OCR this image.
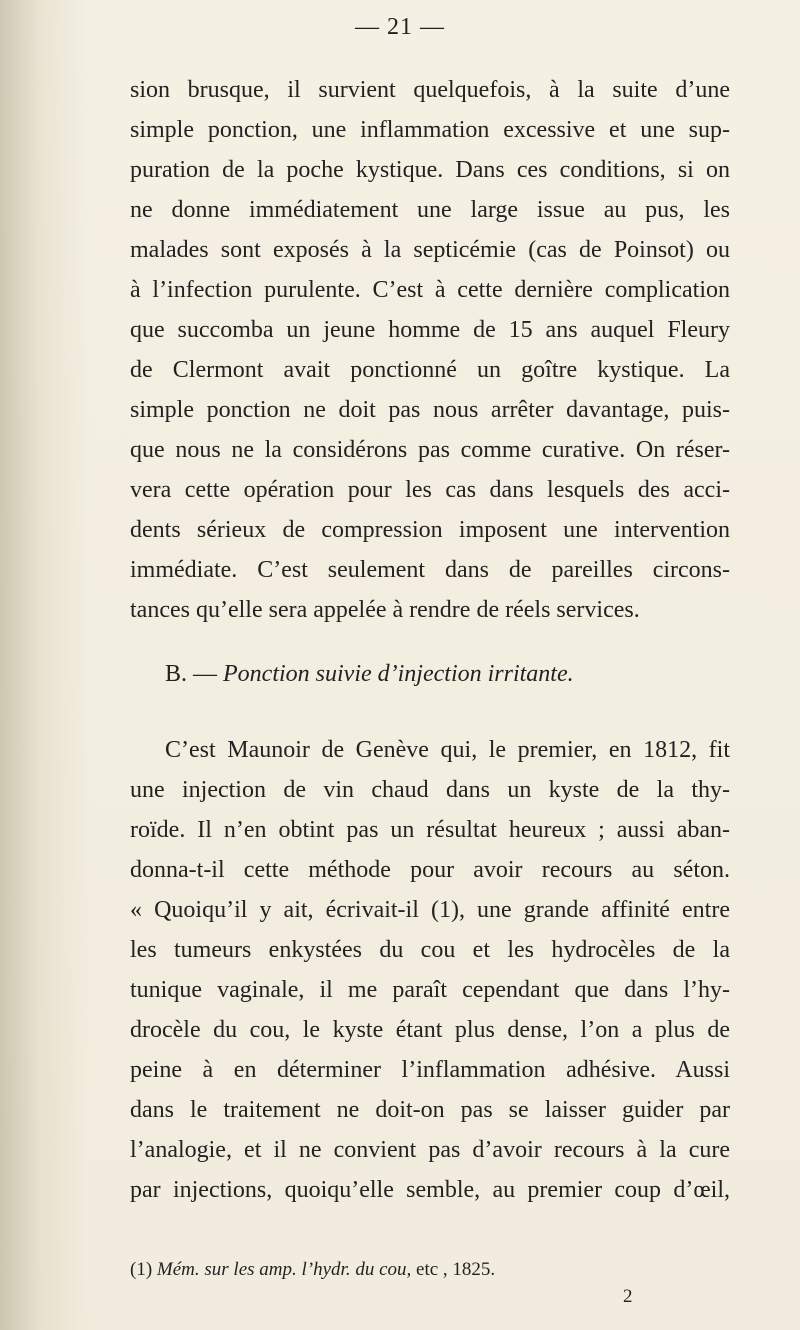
— 21 —
sion brusque, il survient quelquefois, à la suite d’une
simple ponction, une inflammation excessive et une sup-
puration de la poche kystique. Dans ces conditions, si on
ne donne immédiatement une large issue au pus, les
malades sont exposés à la septicémie (cas de Poinsot) ou
à l’infection purulente. C’est à cette dernière complication
que succomba un jeune homme de 15 ans auquel Fleury
de Clermont avait ponctionné un goître kystique. La
simple ponction ne doit pas nous arrêter davantage, puis-
que nous ne la considérons pas comme curative. On réser-
vera cette opération pour les cas dans lesquels des acci-
dents sérieux de compression imposent une intervention
immédiate. C’est seulement dans de pareilles circons-
tances qu’elle sera appelée à rendre de réels services.
B. — Ponction suivie d’injection irritante.
C’est Maunoir de Genève qui, le premier, en 1812, fit
une injection de vin chaud dans un kyste de la thy-
roïde. Il n’en obtint pas un résultat heureux ; aussi aban-
donna-t-il cette méthode pour avoir recours au séton.
« Quoiqu’il y ait, écrivait-il (1), une grande affinité entre
les tumeurs enkystées du cou et les hydrocèles de la
tunique vaginale, il me paraît cependant que dans l’hy-
drocèle du cou, le kyste étant plus dense, l’on a plus de
peine à en déterminer l’inflammation adhésive. Aussi
dans le traitement ne doit-on pas se laisser guider par
l’analogie, et il ne convient pas d’avoir recours à la cure
par injections, quoiqu’elle semble, au premier coup d’œil,
(1) Mém. sur les amp. l’hydr. du cou, etc , 1825.
2
